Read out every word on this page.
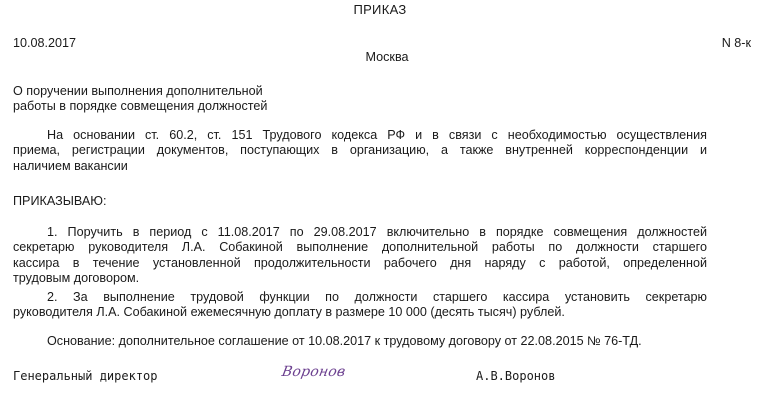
ПРИКАЗ
10.08.2017	N 8-к
Москва
О поручении выполнения дополнительной
работы в порядке совмещения должностей
На основании ст. 60.2, ст. 151 Трудового кодекса РФ и в связи с необходимостью осуществления
приема, регистрации документов, поступающих в организацию, а также внутренней корреспонденции и
наличием вакансии
ПРИКАЗЫВАЮ:
1. Поручить в период с 11.08.2017 по 29.08.2017 включительно в порядке совмещения должностей
секретарю руководителя Л.А. Собакиной выполнение дополнительной работы по должности старшего
кассира в течение установленной продолжительности рабочего дня наряду с работой, определенной
трудовым договором.
2. За выполнение трудовой функции по должности старшего кассира установить секретарю
руководителя Л.А. Собакиной ежемесячную доплату в размере 10 000 (десять тысяч) рублей.
Основание: дополнительное соглашение от 10.08.2017 к трудовому договору от 22.08.2015 № 76-ТД.
Генеральный директор	Воронов	А.В.Воронов
